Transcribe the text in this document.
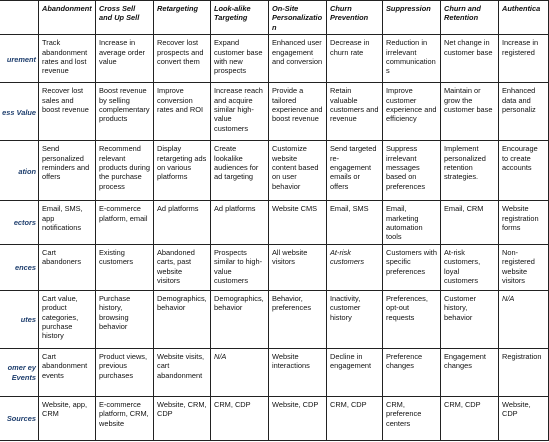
	Abandonment	Cross Sell and Up Sell	Retargeting	Look-alike Targeting	On-Site Personalization	Churn Prevention	Suppression	Churn and Retention	Authentica
urement	Track abandonment rates and lost revenue	Increase in average order value	Recover lost prospects and convert them	Expand customer base with new prospects	Enhanced user engagement and conversion	Decrease in churn rate	Reduction in irrelevant communications	Net change in customer base	Increase in registered
ess Value	Recover lost sales and boost revenue	Boost revenue by selling complementary products	Improve conversion rates and ROI	Increase reach and acquire similar high-value customers	Provide a tailored experience and boost revenue	Retain valuable customers and revenue	Improve customer experience and efficiency	Maintain or grow the customer base	Enhanced data and personaliz
ation	Send personalized reminders and offers	Recommend relevant products during the purchase process	Display retargeting ads on various platforms	Create lookalike audiences for ad targeting	Customize website content based on user behavior	Send targeted re-engagement emails or offers	Suppress irrelevant messages based on preferences	Implement personalized retention strategies.	Encourage to create accounts
ectors	Email, SMS, app notifications	E-commerce platform, email	Ad platforms	Ad platforms	Website CMS	Email, SMS	Email, marketing automation tools	Email, CRM	Website registration forms
ences	Cart abandoners	Existing customers	Abandoned carts, past website visitors	Prospects similar to high-value customers	All website visitors	At-risk customers	Customers with specific preferences	At-risk customers, loyal customers	Non-registered website visitors
utes	Cart value, product categories, purchase history	Purchase history, browsing behavior	Demographics, behavior	Demographics, behavior	Behavior, preferences	Inactivity, customer history	Preferences, opt-out requests	Customer history, behavior	N/A
omer ey Events	Cart abandonment events	Product views, previous purchases	Website visits, cart abandonment	N/A	Website interactions	Decline in engagement	Preference changes	Engagement changes	Registration
Sources	Website, app, CRM	E-commerce platform, CRM, website	Website, CRM, CDP	CRM, CDP	Website, CDP	CRM, CDP	CRM, preference centers	CRM, CDP	Website, CDP
